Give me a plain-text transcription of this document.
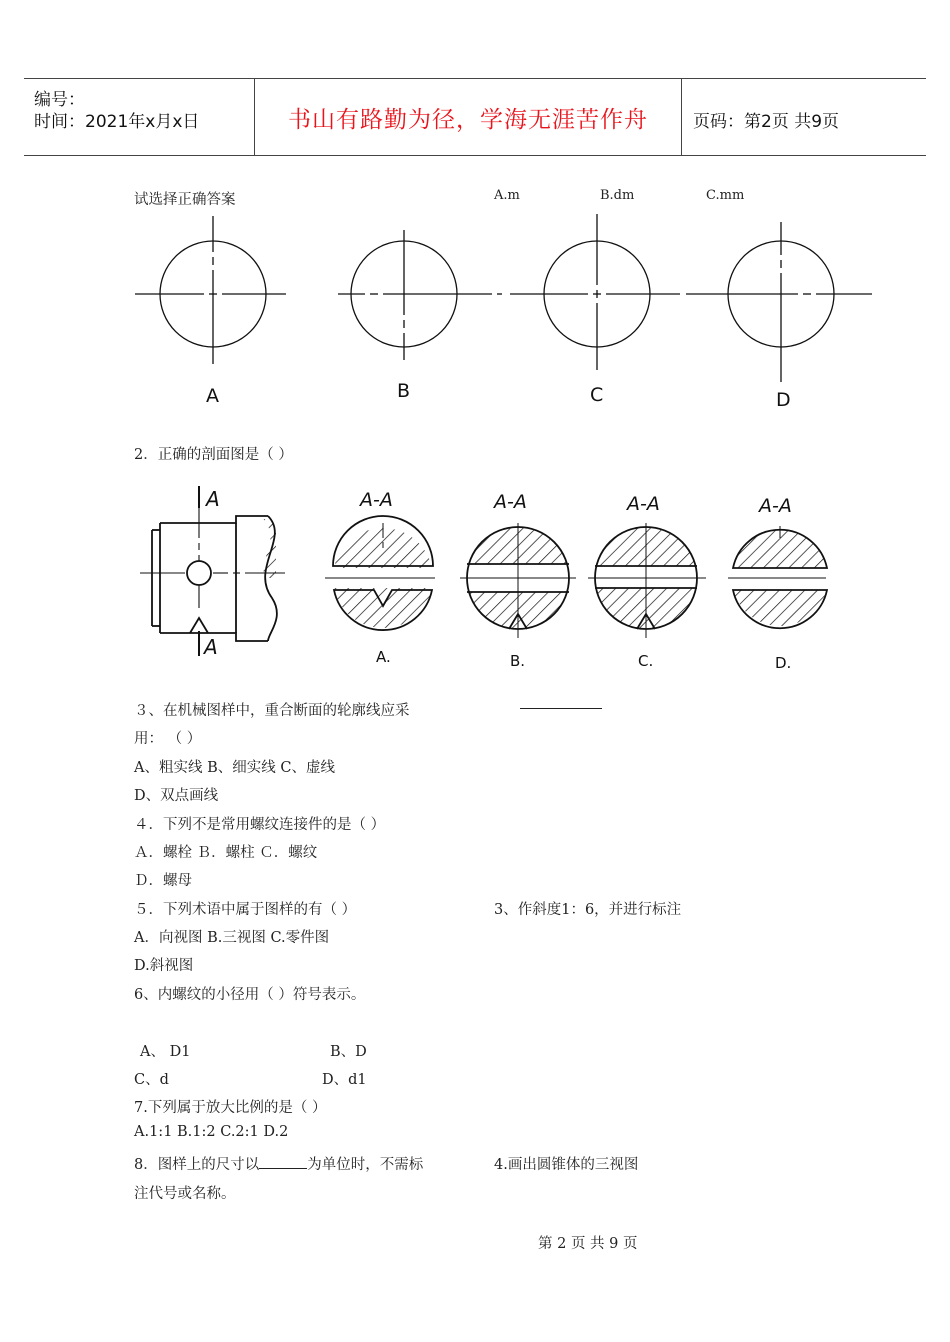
编号：
时间：2021年x月x日	书山有路勤为径，学海无涯苦作舟	页码：第2页 共9页
试选择正确答案	A.m	B.dm	C.mm
A	B	C	D
2．正确的剖面图是（ ）
A
A
A-A	A-A	A-A	A-A
A.	B.	C.	D.
３、在机械图样中，重合断面的轮廓线应采
用： （ ）
A、粗实线 B、细实线 C、虚线
D、双点画线
４．下列不是常用螺纹连接件的是（ ）
Ａ．螺栓 Ｂ．螺柱 Ｃ．螺纹
Ｄ．螺母
５．下列术语中属于图样的有（ ）	3、作斜度1：6，并进行标注
A．向视图 B.三视图 C.零件图
D.斜视图
6、内螺纹的小径用（ ）符号表示。
A、 D1	B、D
C、d	D、d1
7.下列属于放大比例的是（ ）
A.1:1 B.1:2 C.2:1 D.2
8．图样上的尺寸以	为单位时，不需标	4.画出圆锥体的三视图
注代号或名称。
第 2 页 共 9 页
